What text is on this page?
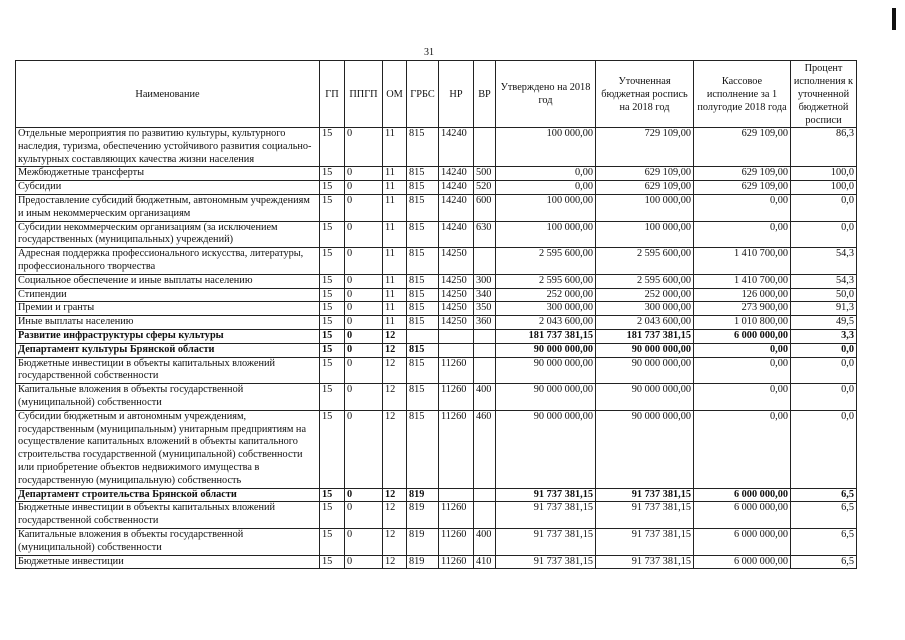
31
Наименование	ГП	ППГП	ОМ	ГРБС	НР	ВР	Утверждено на 2018 год	Уточненная бюджетная роспись на 2018 год	Кассовое исполнение за 1 полугодие 2018 года	Процент исполнения к уточненной бюджетной росписи
Отдельные мероприятия по развитию культуры, культурного наследия, туризма, обеспечению устойчивого развития социально-культурных составляющих качества жизни населения	15	0	11	815	14240		100 000,00	729 109,00	629 109,00	86,3
Межбюджетные трансферты	15	0	11	815	14240	500	0,00	629 109,00	629 109,00	100,0
Субсидии	15	0	11	815	14240	520	0,00	629 109,00	629 109,00	100,0
Предоставление субсидий бюджетным, автономным учреждениям и иным некоммерческим организациям	15	0	11	815	14240	600	100 000,00	100 000,00	0,00	0,0
Субсидии некоммерческим организациям (за исключением государственных (муниципальных) учреждений)	15	0	11	815	14240	630	100 000,00	100 000,00	0,00	0,0
Адресная поддержка профессионального искусства, литературы, профессионального творчества	15	0	11	815	14250		2 595 600,00	2 595 600,00	1 410 700,00	54,3
Социальное обеспечение и иные выплаты населению	15	0	11	815	14250	300	2 595 600,00	2 595 600,00	1 410 700,00	54,3
Стипендии	15	0	11	815	14250	340	252 000,00	252 000,00	126 000,00	50,0
Премии и гранты	15	0	11	815	14250	350	300 000,00	300 000,00	273 900,00	91,3
Иные выплаты населению	15	0	11	815	14250	360	2 043 600,00	2 043 600,00	1 010 800,00	49,5
Развитие инфраструктуры сферы культуры	15	0	12				181 737 381,15	181 737 381,15	6 000 000,00	3,3
Департамент культуры Брянской области	15	0	12	815			90 000 000,00	90 000 000,00	0,00	0,0
Бюджетные инвестиции в объекты капитальных вложений государственной собственности	15	0	12	815	11260		90 000 000,00	90 000 000,00	0,00	0,0
Капитальные вложения в объекты государственной (муниципальной) собственности	15	0	12	815	11260	400	90 000 000,00	90 000 000,00	0,00	0,0
Субсидии бюджетным и автономным учреждениям, государственным (муниципальным) унитарным предприятиям на осуществление капитальных вложений в объекты капитального строительства государственной (муниципальной) собственности или приобретение объектов недвижимого имущества в государственную (муниципальную) собственность	15	0	12	815	11260	460	90 000 000,00	90 000 000,00	0,00	0,0
Департамент строительства Брянской области	15	0	12	819			91 737 381,15	91 737 381,15	6 000 000,00	6,5
Бюджетные инвестиции в объекты капитальных вложений государственной собственности	15	0	12	819	11260		91 737 381,15	91 737 381,15	6 000 000,00	6,5
Капитальные вложения в объекты государственной (муниципальной) собственности	15	0	12	819	11260	400	91 737 381,15	91 737 381,15	6 000 000,00	6,5
Бюджетные инвестиции	15	0	12	819	11260	410	91 737 381,15	91 737 381,15	6 000 000,00	6,5
